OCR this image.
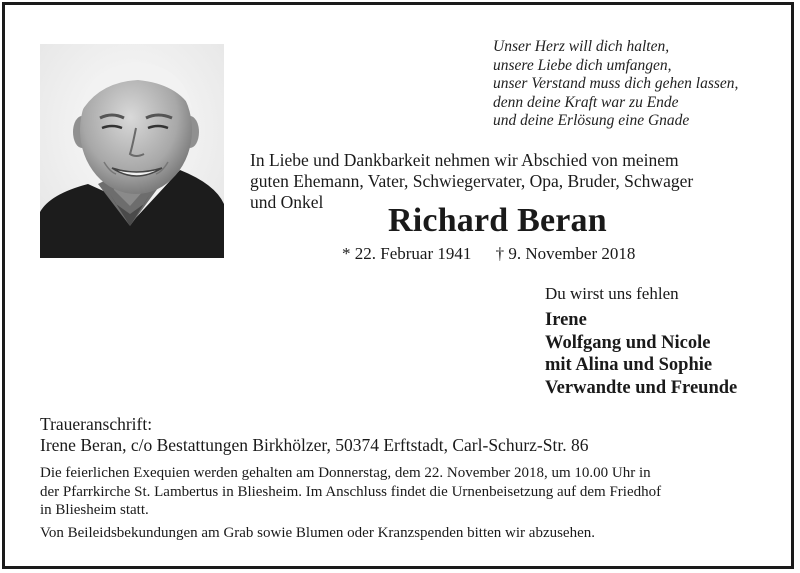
Unser Herz will dich halten,
unsere Liebe dich umfangen,
unser Verstand muss dich gehen lassen,
denn deine Kraft war zu Ende
und deine Erlösung eine Gnade
In Liebe und Dankbarkeit nehmen wir Abschied von meinem
guten Ehemann, Vater, Schwiegervater, Opa, Bruder, Schwager
und Onkel	Richard Beran
* 22. Februar 1941 † 9. November 2018
Du wirst uns fehlen
Irene
Wolfgang und Nicole
mit Alina und Sophie
Verwandte und Freunde
Traueranschrift:
Irene Beran, c/o Bestattungen Birkhölzer, 50374 Erftstadt, Carl-Schurz-Str. 86
Die feierlichen Exequien werden gehalten am Donnerstag, dem 22. November 2018, um 10.00 Uhr in
der Pfarrkirche St. Lambertus in Bliesheim. Im Anschluss findet die Urnenbeisetzung auf dem Friedhof
in Bliesheim statt.
Von Beileidsbekundungen am Grab sowie Blumen oder Kranzspenden bitten wir abzusehen.
